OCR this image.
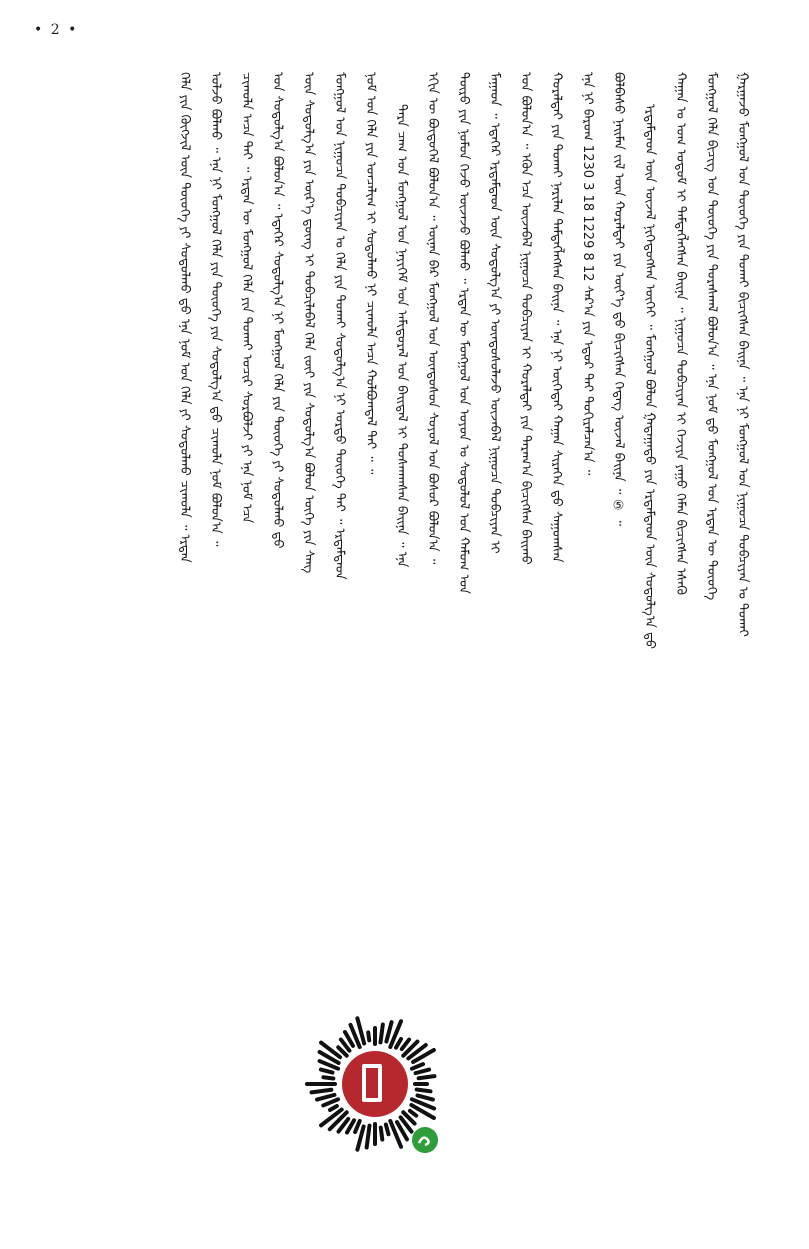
• 2 •
ᠭᠠᠷᠭᠠᠵᠤ ᠮᠣᠩᠭᠣᠯ ᠤᠨ ᠲᠦᠦᠬᠡ ᠶᠢᠨ ᠲᠤᠬᠠᠢ ᠪᠢᠴᠢᠭᠰᠡᠨ ᠪᠠᠢᠨᠠ ᠃ ᠡᠨᠡ ᠨᠢ ᠮᠣᠩᠭᠣᠯ ᠤᠨ ᠨᠢᠭᠤᠴᠠ ᠲᠣᠪᠴᠢᠶᠠᠨ ᠤ ᠲᠤᠬᠠᠢ
ᠮᠣᠩᠭᠣᠯ ᠬᠡᠯᠡ ᠪᠢᠴᠢᠭ ᠤᠨ ᠲᠦᠦᠬᠡ ᠶᠢᠨ ᠳᠤᠷᠠᠰᠬᠠᠯ ᠪᠣᠯᠤᠨ᠎ᠠ ᠃ ᠡᠨᠡ ᠨᠣᠮ ᠳ᠋ᠤ ᠮᠣᠩᠭᠣᠯ ᠤᠨ ᠡᠷᠲᠡᠨ ᠦ ᠲᠦᠦᠬᠡ
ᠬᠠᠭᠠᠨ ᠤ ᠤᠭ ᠤᠳᠤᠮ ᠢ ᠲᠡᠮᠳᠡᠭᠯᠡᠭᠰᠡᠨ ᠪᠠᠢᠨᠠ ᠃ ᠨᠢᠭᠤᠴᠠ ᠲᠣᠪᠴᠢᠶᠠᠨ ᠢ ᠬᠡᠵᠢᠶᠡ ᠶᠠᠭᠤ ᠬᠡᠮᠡᠨ ᠪᠢᠴᠢᠭᠰᠡᠨ ᠡᠰᠡᠬᠦ
ᠡᠷᠳᠡᠮᠲᠡᠳ ᠦᠨ ᠦᠵᠡᠯ ᠨᠢᠭᠡᠳᠦᠭᠰᠡᠨ ᠦᠭᠡᠢ ᠃ ᠮᠣᠩᠭᠣᠯ ᠪᠣᠯᠤᠨ ᠭᠠᠳᠠᠭᠠᠳᠤ ᠶᠢᠨ ᠡᠷᠳᠡᠮᠲᠡᠳ ᠦᠨ ᠰᠤᠳᠤᠯᠭ᠎ᠠ ᠳ᠋ᠤ
ᠪᠣᠯᠪᠠᠰᠤ ᠨᠠᠢᠮᠠᠨ ᠵᠢᠯ ᠦᠨ ᠬᠤᠷᠠᠯᠳᠠᠢ ᠶᠢᠨ ᠦᠶ᠎ᠡ ᠳ᠋ᠤ ᠪᠢᠴᠢᠭᠰᠡᠨ ᠭᠡᠳᠡᠭ ᠦᠵᠡᠯ ᠪᠠᠢᠨᠠ ᠃ ⑤ ᠃
ᠡᠨᠡ ᠨᠢ ᠪᠠᠷᠤᠭ 1230 3 18 1229 8 12 ᠰᠠᠷ᠎ᠠ ᠶᠢᠨ ᠡᠳᠦᠷ ᠲᠡᠢ ᠲᠣᠬᠢᠷᠠᠯᠴᠠᠨ᠎ᠠ ᠃
ᠬᠤᠷᠠᠯᠳᠠᠢ ᠶᠢᠨ ᠲᠤᠬᠠᠢ ᠨᠠᠷᠢᠯᠠᠨ ᠲᠡᠮᠳᠡᠭᠯᠡᠭᠰᠡᠨ ᠪᠠᠢᠨᠠ ᠃ ᠡᠨᠡ ᠨᠢ ᠦᠭᠡᠳᠡᠢ ᠬᠠᠭᠠᠨ ᠰᠢᠷᠡᠭᠡᠨ ᠳ᠋ᠤ ᠰᠠᠭᠤᠭᠰᠠᠨ
ᠣᠨ ᠪᠣᠯᠤᠨ᠎ᠠ ᠃ ᠡᠭᠦᠨ ᠡᠴᠡ ᠦᠵᠡᠪᠡᠯ ᠨᠢᠭᠤᠴᠠ ᠲᠣᠪᠴᠢᠶᠠᠨ ᠢ ᠬᠤᠷᠠᠯᠳᠠᠢ ᠶᠢᠨ ᠳᠠᠷᠠᠭ᠎ᠠ ᠪᠢᠴᠢᠭᠰᠡᠨ ᠪᠠᠢᠬᠤ
ᠮᠠᠭᠠᠳ ᠃ ᠡᠳᠡᠭᠡᠷ ᠡᠷᠳᠡᠮᠲᠡᠳ ᠦᠨ ᠰᠤᠳᠤᠯᠭ᠎ᠠ ᠶᠢ ᠦᠨᠳᠦᠰᠦᠯᠡᠵᠦ ᠦᠵᠡᠪᠡᠯ ᠨᠢᠭᠤᠴᠠ ᠲᠣᠪᠴᠢᠶᠠᠨ ᠢ
ᠲᠦᠷᠦ ᠶᠢᠨ ᠨᠣᠮᠤᠨ ᠭᠡᠵᠦ ᠦᠵᠡᠵᠦ ᠪᠣᠯᠬᠤ ᠃ ᠡᠷᠲᠡᠨ ᠦ ᠮᠣᠩᠭᠣᠯ ᠤᠨ ᠣᠶᠤᠨ ᠤ ᠰᠤᠳᠤᠯᠤᠯ ᠤᠨ ᠬᠠᠮᠤᠭ ᠤᠨ
ᠡᠬᠢᠨ ᠦ ᠪᠦᠲᠦᠭᠡᠯ ᠪᠣᠯᠤᠨ᠎ᠠ ᠃ ᠦᠨᠡᠨ ᠪᠡᠷ ᠮᠣᠩᠭᠣᠯ ᠤᠨ ᠦᠨᠳᠦᠰᠦᠨ ᠰᠣᠶᠤᠯ ᠤᠨ ᠪᠤᠰᠤᠷ ᠪᠣᠯᠤᠨ᠎ᠠ ᠃
ᠲᠡᠷᠡ ᠴᠠᠭ ᠤᠨ ᠮᠣᠩᠭᠣᠯ ᠤᠨ ᠨᠡᠶᠢᠭᠡᠮ ᠤᠨ ᠠᠮᠢᠳᠤᠷᠠᠯ ᠤᠨ ᠪᠠᠢᠳᠠᠯ ᠢ ᠲᠤᠰᠬᠠᠭᠰᠠᠨ ᠪᠠᠢᠨᠠ ᠃ ᠡᠨᠡ
ᠨᠣᠮ ᠤᠨ ᠬᠡᠯᠡ ᠶᠢᠨ ᠤᠨᠴᠠᠯᠢᠭ ᠢ ᠰᠤᠳᠤᠯᠬᠤ ᠨᠢ ᠴᠢᠬᠤᠯᠠ ᠠᠴᠠ ᠬᠣᠯᠪᠣᠭᠳᠠᠯ ᠲᠠᠢ ᠃ ᠃
ᠮᠣᠩᠭᠣᠯ ᠤᠨ ᠨᠢᠭᠤᠴᠠ ᠲᠣᠪᠴᠢᠶᠠᠨ ᠤ ᠬᠡᠯᠡ ᠶᠢᠨ ᠲᠤᠬᠠᠢ ᠰᠤᠳᠤᠯᠭ᠎ᠠ ᠨᠢ ᠤᠷᠲᠤ ᠲᠦᠦᠬᠡ ᠲᠡᠢ ᠃ ᠡᠷᠳᠡᠮᠲᠡᠳ
ᠦᠨ ᠰᠤᠳᠤᠯᠭ᠎ᠠ ᠶᠢᠨ ᠦᠷ᠎ᠡ ᠳ᠋ᠦᠩ ᠢ ᠲᠣᠪᠴᠢᠯᠠᠪᠠᠯ ᠬᠡᠯᠡ ᠵᠦᠢ ᠶᠢᠨ ᠰᠤᠳᠤᠯᠭ᠎ᠠ ᠪᠣᠯᠤᠨ ᠦᠭᠡ ᠶᠢᠨ ᠰᠠᠩ
ᠤᠨ ᠰᠤᠳᠤᠯᠭ᠎ᠠ ᠪᠣᠯᠣᠨ᠎ᠠ ᠃ ᠡᠳᠡᠭᠡᠷ ᠰᠤᠳᠤᠯᠭ᠎ᠠ ᠨᠢ ᠮᠣᠩᠭᠣᠯ ᠬᠡᠯᠡ ᠶᠢᠨ ᠲᠦᠦᠬᠡ ᠶᠢ ᠰᠤᠳᠤᠯᠬᠤ ᠳ᠋ᠤ
ᠴᠢᠬᠤᠯᠠ ᠠᠴᠠ ᠲᠠᠢ ᠃ ᠡᠷᠲᠡᠨ ᠦ ᠮᠣᠩᠭᠣᠯ ᠬᠡᠯᠡ ᠶᠢᠨ ᠲᠤᠬᠠᠢ ᠤᠴᠢᠷ ᠰᠤᠷᠪᠤᠯᠵᠢ ᠶᠢ ᠡᠨᠡ ᠨᠣᠮ ᠡᠴᠡ
ᠣᠯᠵᠤ ᠪᠣᠯᠬᠤ ᠃ ᠡᠨᠡ ᠨᠢ ᠮᠣᠩᠭᠣᠯ ᠬᠡᠯᠡ ᠶᠢᠨ ᠲᠦᠦᠬᠡ ᠶᠢᠨ ᠰᠤᠳᠤᠯᠭ᠎ᠠ ᠳ᠋ᠤ ᠴᠢᠬᠤᠯᠠ ᠨᠣᠮ ᠪᠣᠯᠤᠨ᠎ᠠ ᠃
ᠬᠡᠯᠡ ᠶᠢᠨ ᠬᠦᠭᠵᠢᠯ ᠦᠨ ᠲᠦᠦᠬᠡ ᠶᠢ ᠰᠤᠳᠤᠯᠬᠤ ᠳ᠋ᠤ ᠡᠨᠡ ᠨᠣᠮ ᠤᠨ ᠬᠡᠯᠡ ᠶᠢ ᠰᠤᠳᠤᠯᠬᠤ ᠴᠢᠬᠤᠯᠠ ᠃ ᠡᠷᠲᠡᠨ
